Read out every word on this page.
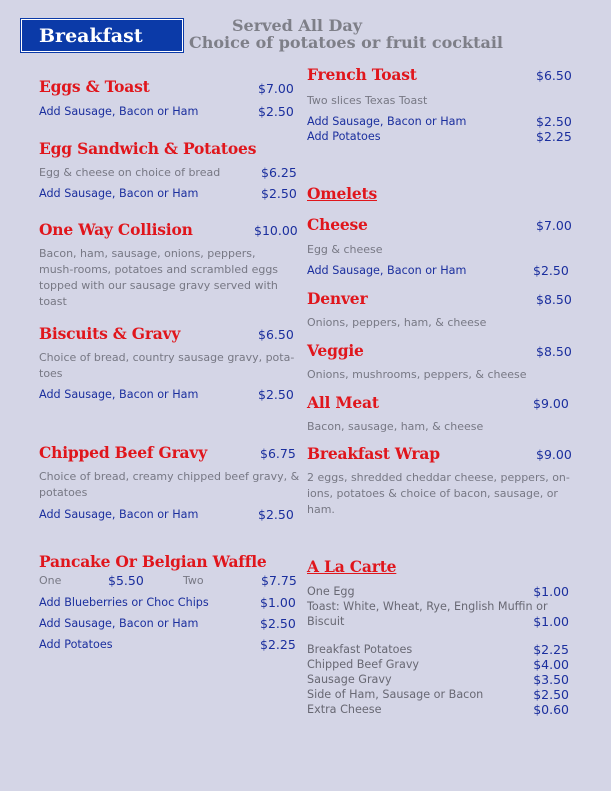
Breakfast	Served All Day
Choice of potatoes or fruit cocktail
Eggs & Toast	$7.00
Add Sausage, Bacon or Ham	$2.50
Egg Sandwich & Potatoes
Egg & cheese on choice of bread	$6.25
Add Sausage, Bacon or Ham	$2.50
One Way Collision	$10.00
Bacon, ham, sausage, onions, peppers, mush-rooms, potatoes and scrambled eggs topped with our sausage gravy served with toast
Biscuits & Gravy	$6.50
Choice of bread, country sausage gravy, pota-toes
Add Sausage, Bacon or Ham	$2.50
Chipped Beef Gravy	$6.75
Choice of bread, creamy chipped beef gravy, & potatoes
Add Sausage, Bacon or Ham	$2.50
Pancake Or Belgian Waffle
One	$5.50	Two	$7.75
Add Blueberries or Choc Chips	$1.00
Add Sausage, Bacon or Ham	$2.50
Add Potatoes	$2.25
French Toast	$6.50
Two slices Texas Toast
Add Sausage, Bacon or Ham	$2.50
Add Potatoes	$2.25
Omelets
Cheese	$7.00
Egg & cheese
Add Sausage, Bacon or Ham	$2.50
Denver	$8.50
Onions, peppers, ham, & cheese
Veggie	$8.50
Onions, mushrooms, peppers, & cheese
All Meat	$9.00
Bacon, sausage, ham, & cheese
Breakfast Wrap	$9.00
2 eggs, shredded cheddar cheese, peppers, on-ions, potatoes & choice of bacon, sausage, or ham.
A La Carte
One Egg	$1.00
Toast: White, Wheat, Rye, English Muffin or
Biscuit	$1.00
Breakfast Potatoes	$2.25
Chipped Beef Gravy	$4.00
Sausage Gravy	$3.50
Side of Ham, Sausage or Bacon	$2.50
Extra Cheese	$0.60
